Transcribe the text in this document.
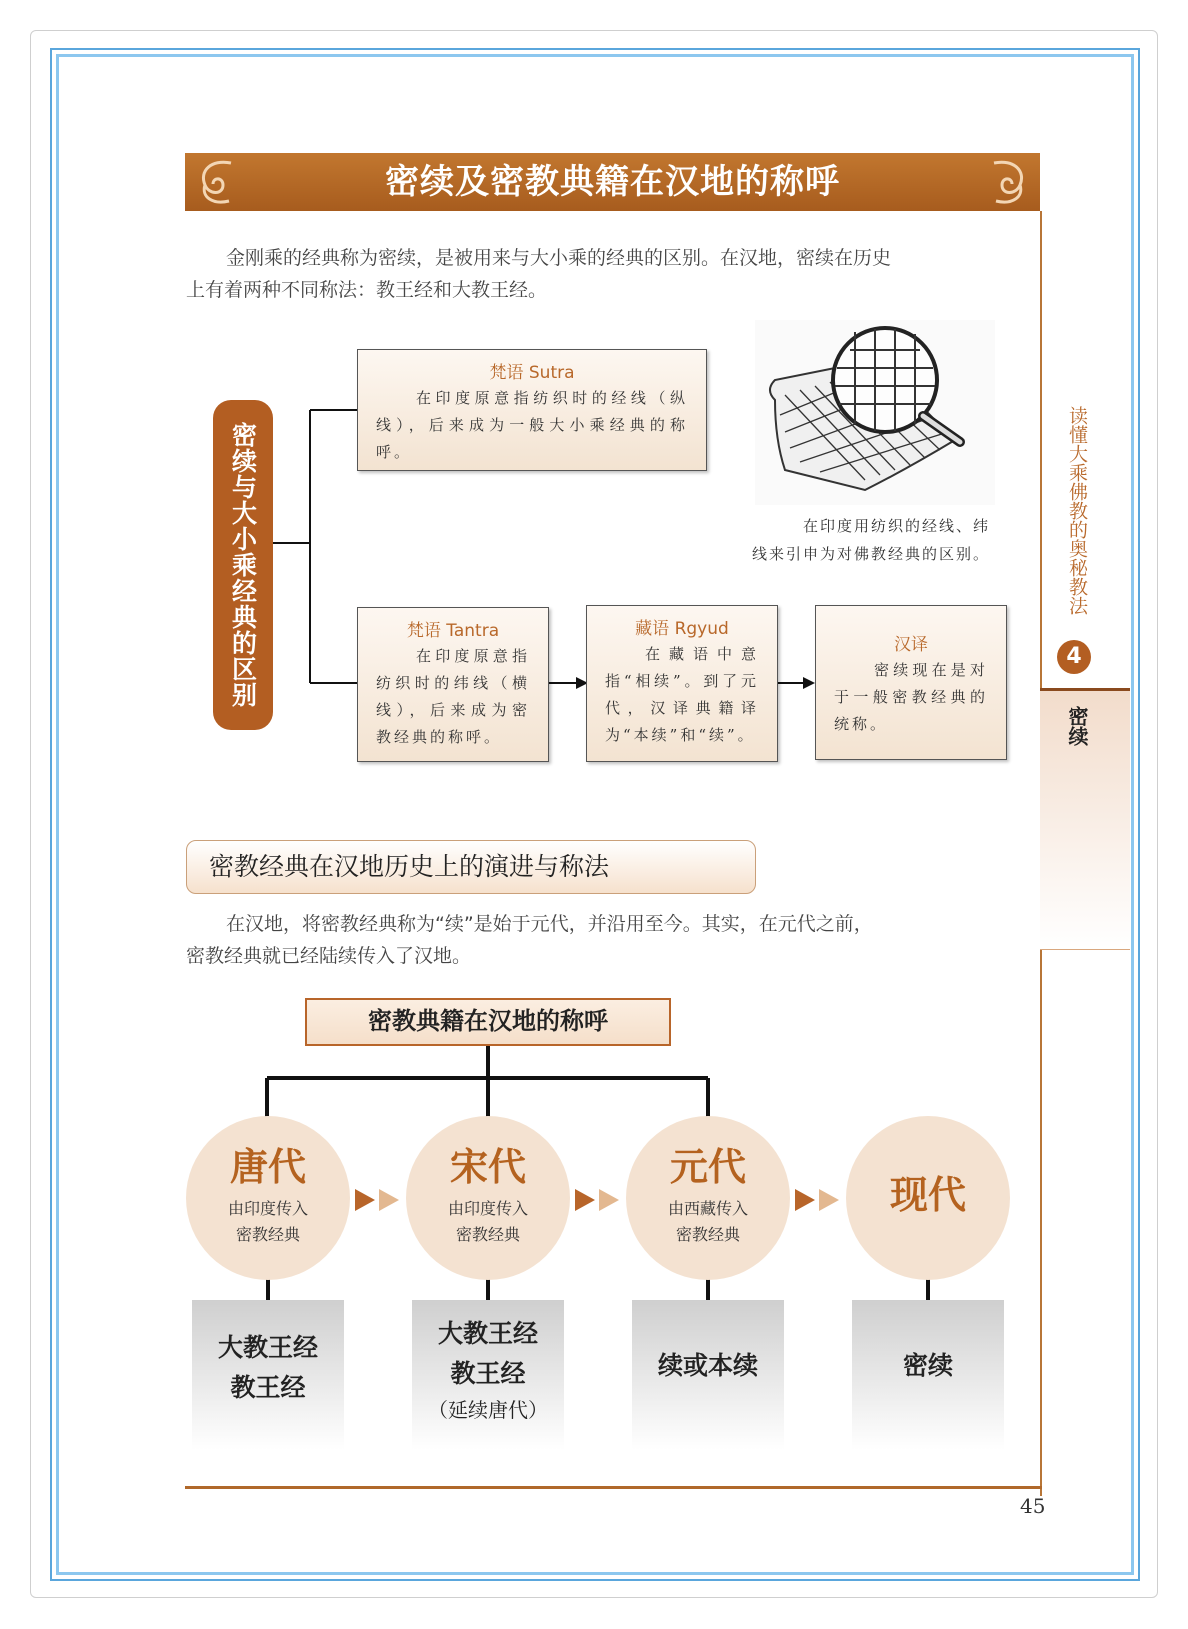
密续及密教典籍在汉地的称呼
金刚乘的经典称为密续，是被用来与大小乘的经典的区别。在汉地，密续在历史
上有着两种不同称法：教王经和大教王经。
密续与大小乘经典的区别
梵语 Sutra
在印度原意指纺织时的经线（纵线），后来成为一般大小乘经典的称呼。
梵语 Tantra
在印度原意指纺织时的纬线（横线），后来成为密教经典的称呼。
藏语 Rgyud
在藏语中意指“相续”。到了元代，汉译典籍译为“本续”和“续”。
汉译
密续现在是对于一般密教经典的统称。
在印度用纺织的经线、纬
线来引申为对佛教经典的区别。
密教经典在汉地历史上的演进与称法
在汉地，将密教经典称为“续”是始于元代，并沿用至今。其实，在元代之前，
密教经典就已经陆续传入了汉地。
密教典籍在汉地的称呼
唐代
由印度传入
密教经典
宋代
由印度传入
密教经典
元代
由西藏传入
密教经典
现代
大教王经
教王经
大教王经
教王经
（延续唐代）
续或本续	密续
读懂大乘佛教的奥秘教法
4
密续
45
